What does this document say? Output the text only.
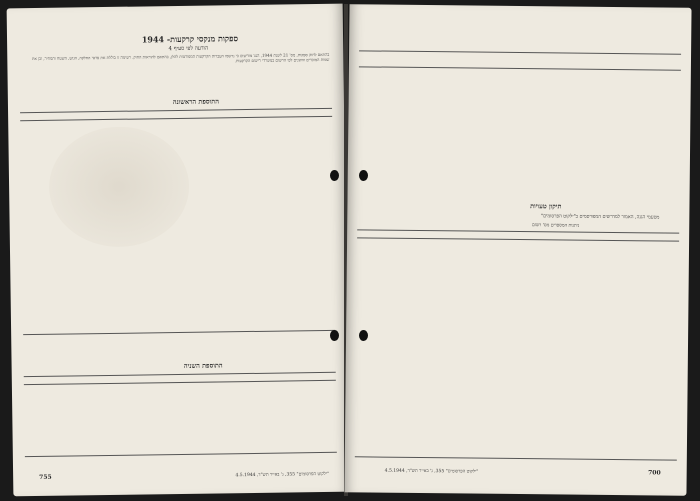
ספקות מנקסי קרקעות- 1944
הודעה לפי סעיף 4
בהתאם לחוק ספקות, מס' 21 לשנת 1944, הננו מודיעים כי נרשמו העברות הקרקעות המפורטות להלן, בהתאם להוראות החוק. רשימה זו כוללת את פרטי החלקה, הגוש, השטח והמחיר, וכן את שמות המוכרים והקונים לפי הרשום במשרדי רישום הקרקעות.
התוספת הראשונה
התוספת השניה
755	"ילקוט הפרסומים" 355, ג' באייר תש"ד, 4.5.1944
תיקון טעויות
מטעמי הגנה, האמור למדרשים המפורסמים ב"ילקוט הפרסומים"
ניתנות המספרים מס' רשום
700
"ילקוט הפרסומים" 355, ג' באייר תש"ד, 4.5.1944
